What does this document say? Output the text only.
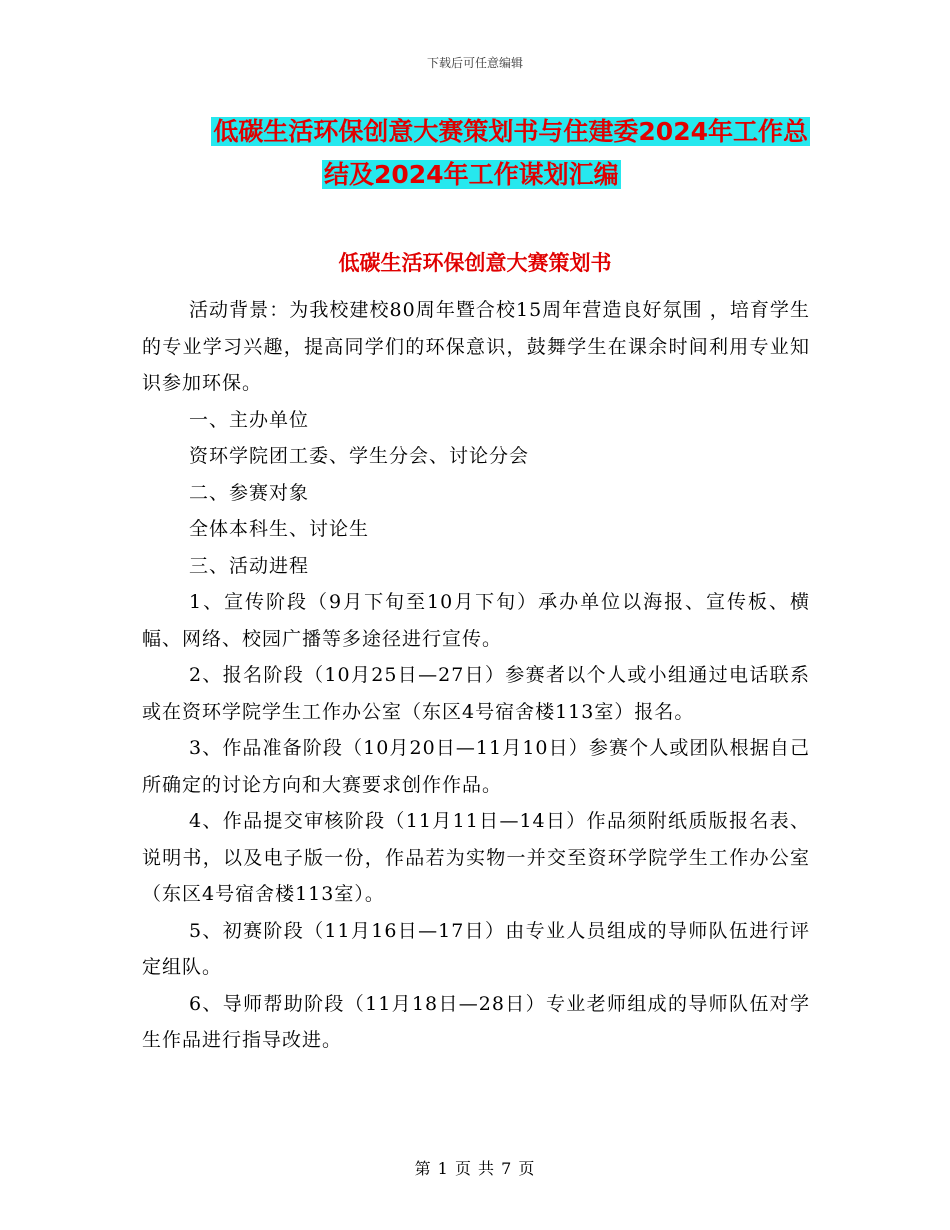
下载后可任意编辑
低碳生活环保创意大赛策划书与住建委2024年工作总
结及2024年工作谋划汇编
低碳生活环保创意大赛策划书

活动背景：为我校建校80周年暨合校15周年营造良好氛围 ，培育学生的专业学习兴趣，提高同学们的环保意识，鼓舞学生在课余时间利用专业知识参加环保。

一、主办单位

资环学院团工委、学生分会、讨论分会

二、参赛对象

全体本科生、讨论生

三、活动进程

1、宣传阶段（9月下旬至10月下旬）承办单位以海报、宣传板、横幅、网络、校园广播等多途径进行宣传。

2、报名阶段（10月25日—27日）参赛者以个人或小组通过电话联系或在资环学院学生工作办公室（东区4号宿舍楼113室）报名。

3、作品准备阶段（10月20日—11月10日）参赛个人或团队根据自己所确定的讨论方向和大赛要求创作作品。

4、作品提交审核阶段（11月11日—14日）作品须附纸质版报名表、说明书，以及电子版一份，作品若为实物一并交至资环学院学生工作办公室（东区4号宿舍楼113室）。

5、初赛阶段（11月16日—17日）由专业人员组成的导师队伍进行评定组队。

6、导师帮助阶段（11月18日—28日）专业老师组成的导师队伍对学生作品进行指导改进。

第 1 页 共 7 页
